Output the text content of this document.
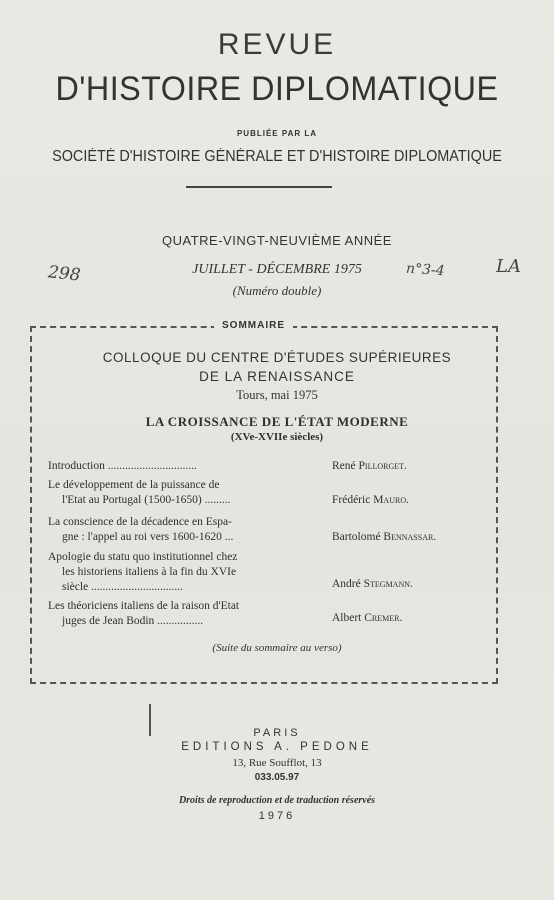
REVUE
D'HISTOIRE DIPLOMATIQUE
PUBLIÉE PAR LA
SOCIÉTÉ D'HISTOIRE GÉNÉRALE ET D'HISTOIRE DIPLOMATIQUE
QUATRE-VINGT-NEUVIÈME ANNÉE
JUILLET - DÉCEMBRE 1975
(Numéro double)
298	n°3-4	LA
SOMMAIRE
COLLOQUE DU CENTRE D'ÉTUDES SUPÉRIEURES
DE LA RENAISSANCE
Tours, mai 1975
LA CROISSANCE DE L'ÉTAT MODERNE
(XVe-XVIIe siècles)
Introduction ...............................	René Pillorget.
Le développement de la puissance de
l'Etat au Portugal (1500-1650) .........	Frédéric Mauro.
La conscience de la décadence en Espa-
gne : l'appel au roi vers 1600-1620 ...	Bartolomé Bennassar.
Apologie du statu quo institutionnel chez
les historiens italiens à la fin du XVIe
siècle ................................	André Stegmann.
Les théoriciens italiens de la raison d'Etat
juges de Jean Bodin ................	Albert Cremer.
(Suite du sommaire au verso)
PARIS
EDITIONS A. PEDONE
13, Rue Soufflot, 13
033.05.97
Droits de reproduction et de traduction réservés
1976
